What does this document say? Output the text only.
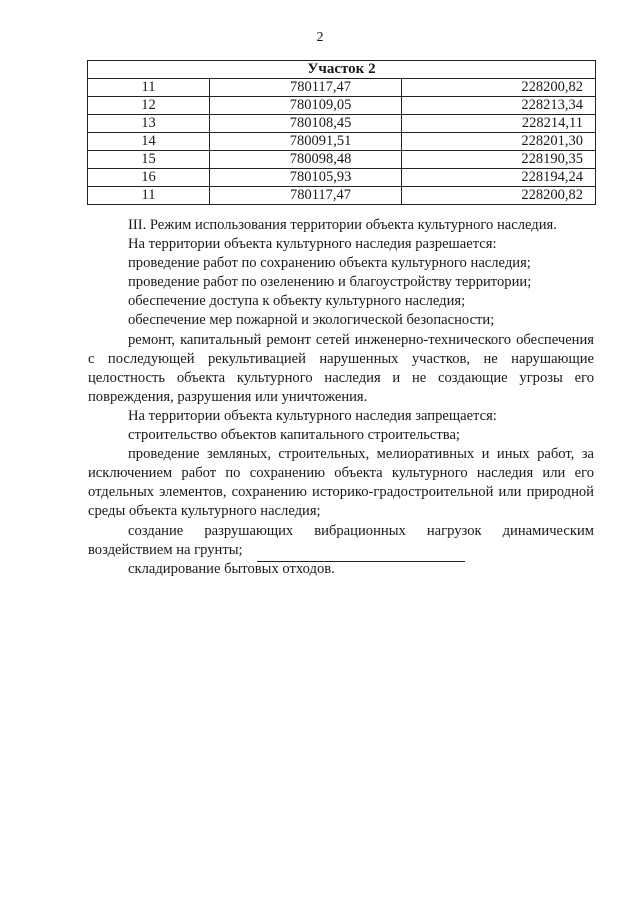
2
Участок 2		
11	780117,47	228200,82
12	780109,05	228213,34
13	780108,45	228214,11
14	780091,51	228201,30
15	780098,48	228190,35
16	780105,93	228194,24
11	780117,47	228200,82

III. Режим использования территории объекта культурного наследия.

На территории объекта культурного наследия разрешается:

проведение работ по сохранению объекта культурного наследия;

проведение работ по озеленению и благоустройству территории;

обеспечение доступа к объекту культурного наследия;

обеспечение мер пожарной и экологической безопасности;

ремонт, капитальный ремонт сетей инженерно-технического обеспечения с последующей рекультивацией нарушенных участков, не нарушающие целостность объекта культурного наследия и не создающие угрозы его повреждения, разрушения или уничтожения.

На территории объекта культурного наследия запрещается:

строительство объектов капитального строительства;

проведение земляных, строительных, мелиоративных и иных работ, за исключением работ по сохранению объекта культурного наследия или его отдельных элементов, сохранению историко-градостроительной или природной среды объекта культурного наследия;

создание разрушающих вибрационных нагрузок динамическим воздействием на грунты;

складирование бытовых отходов.
